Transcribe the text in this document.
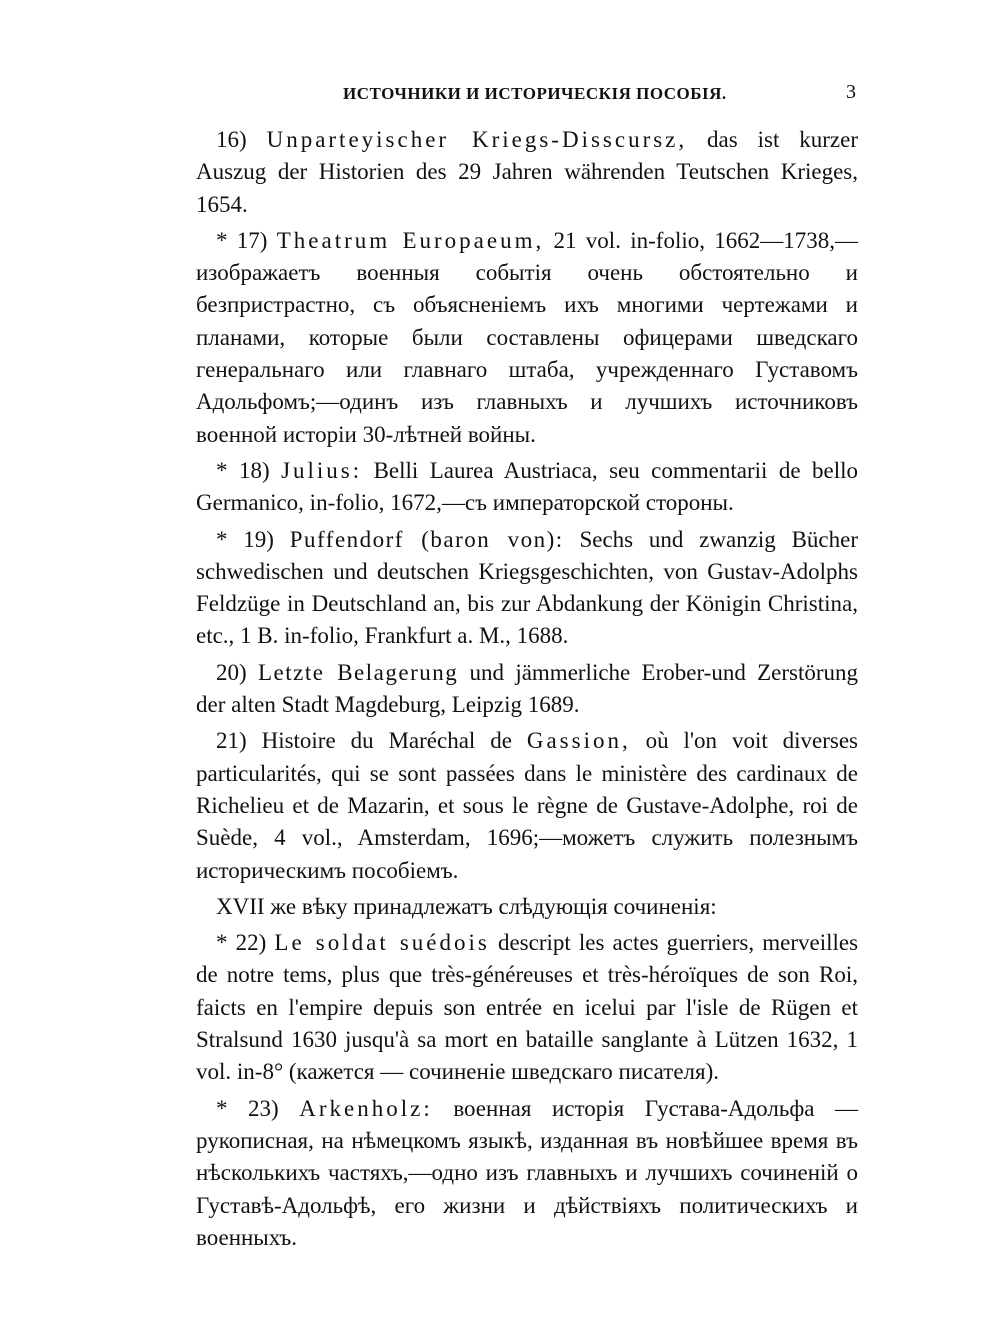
ИСТОЧНИКИ И ИСТОРИЧЕСКІЯ ПОСОБІЯ.	3

16) Unparteyischer Kriegs-Disscursz, das ist kurzer Auszug der Historien des 29 Jahren währenden Teutschen Krieges, 1654.

* 17) Theatrum Europaeum, 21 vol. in-folio, 1662—1738,—изображаетъ военныя событія очень обстоятельно и безпристрастно, съ объясненіемъ ихъ многими чертежами и планами, которые были составлены офицерами шведскаго генеральнаго или главнаго штаба, учрежденнаго Густавомъ Адольфомъ;—одинъ изъ главныхъ и лучшихъ источниковъ военной исторіи 30-лѣтней войны.

* 18) Julius: Belli Laurea Austriaca, seu commentarii de bello Germanico, in-folio, 1672,—съ императорской стороны.

* 19) Puffendorf (baron von): Sechs und zwanzig Bücher schwedischen und deutschen Kriegsgeschichten, von Gustav-Adolphs Feldzüge in Deutschland an, bis zur Abdankung der Königin Christina, etc., 1 B. in-folio, Frankfurt a. M., 1688.

20) Letzte Belagerung und jämmerliche Erober-und Zerstörung der alten Stadt Magdeburg, Leipzig 1689.

21) Histoire du Maréchal de Gassion, où l'on voit diverses particularités, qui se sont passées dans le ministère des cardinaux de Richelieu et de Mazarin, et sous le règne de Gustave-Adolphe, roi de Suède, 4 vol., Amsterdam, 1696;—можетъ служить полезнымъ историческимъ пособіемъ.

XVII же вѣку принадлежатъ слѣдующія сочиненія:

* 22) Le soldat suédois descript les actes guerriers, merveilles de notre tems, plus que très-généreuses et très-héroïques de son Roi, faicts en l'empire depuis son entrée en icelui par l'isle de Rügen et Stralsund 1630 jusqu'à sa mort en bataille sanglante à Lützen 1632, 1 vol. in-8° (кажется — сочиненіе шведскаго писателя).

* 23) Arkenholz: военная исторія Густава-Адольфа — рукописная, на нѣмецкомъ языкѣ, изданная въ новѣйшее время въ нѣсколькихъ частяхъ,—одно изъ главныхъ и лучшихъ сочиненій о Густавѣ-Адольфѣ, его жизни и дѣйствіяхъ политическихъ и военныхъ.
